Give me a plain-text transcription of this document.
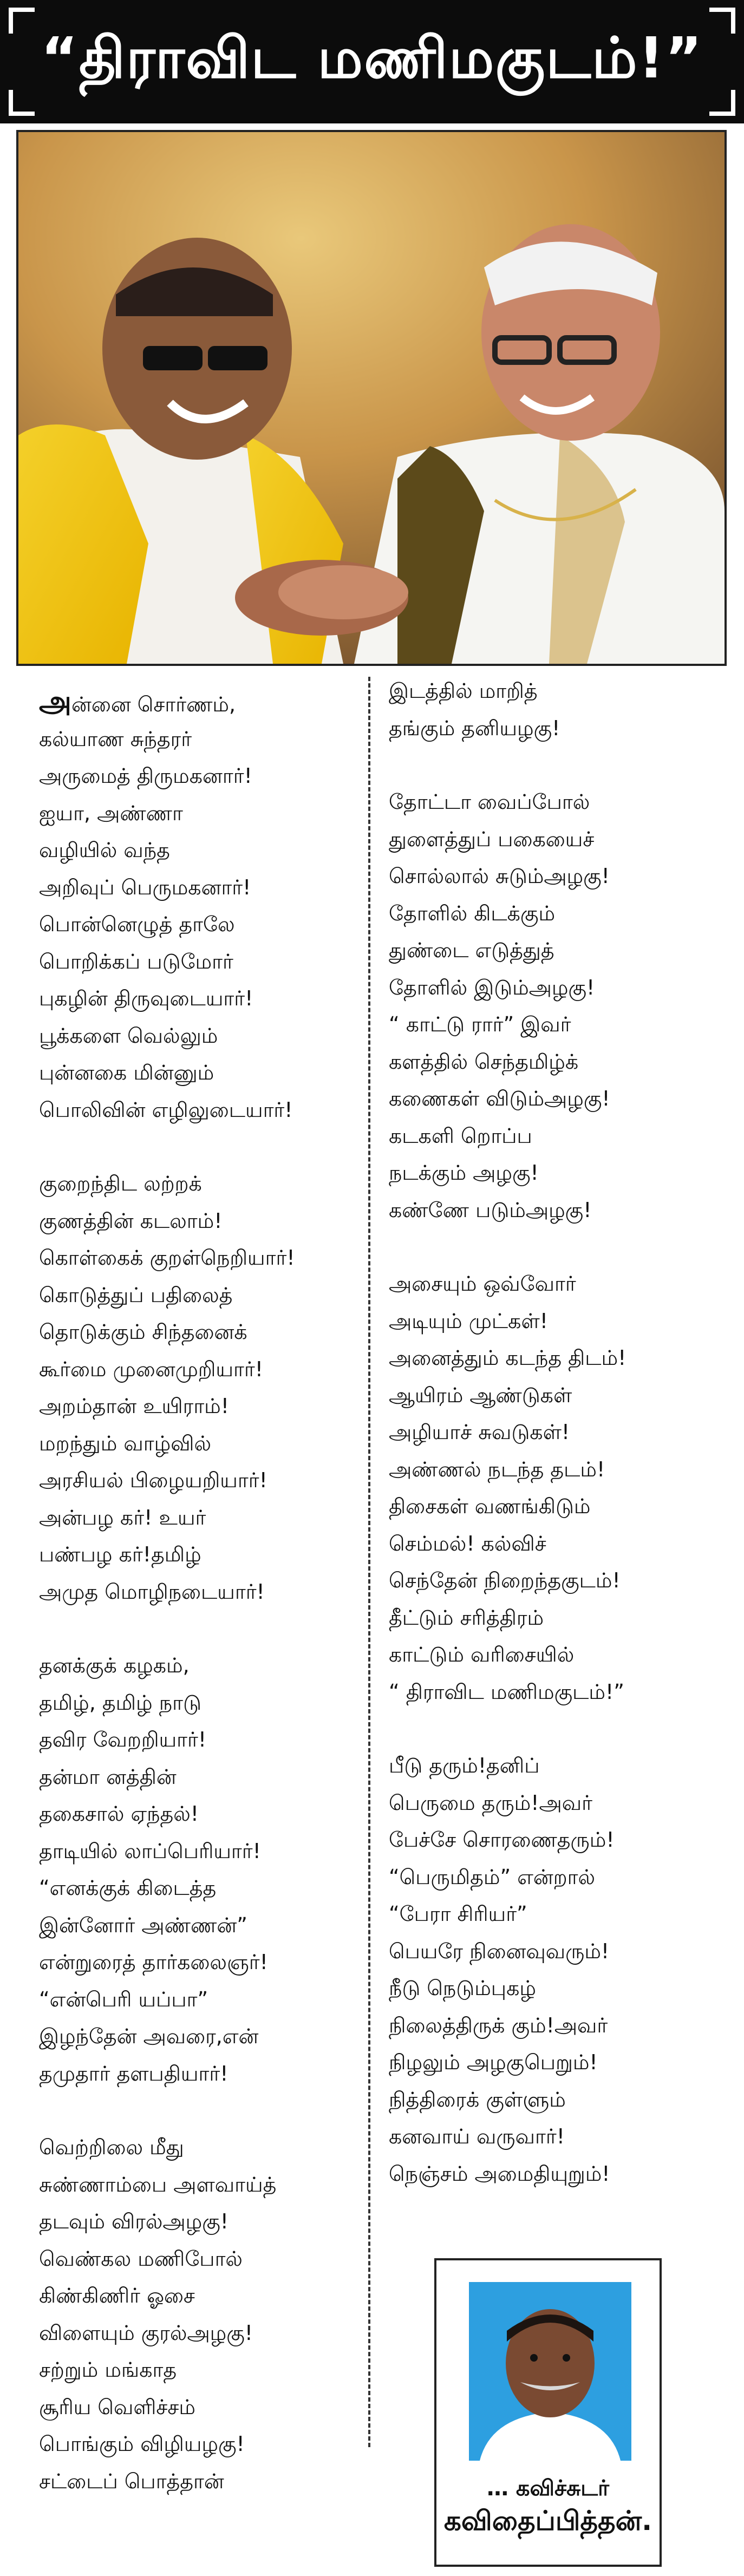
“திராவிட மணிமகுடம்!”
அன்னை சொர்ணம்,
கல்யாண சுந்தரர்
அருமைத் திருமகனார்!
ஐயா, அண்ணா
வழியில் வந்த
அறிவுப் பெருமகனார்!
பொன்னெழுத் தாலே
பொறிக்கப் படுமோர்
புகழின் திருவுடையார்!
பூக்களை வெல்லும்
புன்னகை மின்னும்
பொலிவின் எழிலுடையார்!
குறைந்திட லற்றக்
குணத்தின் கடலாம்!
கொள்கைக் குறள்நெறியார்!
கொடுத்துப் பதிலைத்
தொடுக்கும் சிந்தனைக்
கூர்மை முனைமுறியார்!
அறம்தான் உயிராம்!
மறந்தும் வாழ்வில்
அரசியல் பிழையறியார்!
அன்பழ கர்! உயர்
பண்பழ கர்!தமிழ்
அமுத மொழிநடையார்!
தனக்குக் கழகம்,
தமிழ், தமிழ் நாடு
தவிர வேறறியார்!
தன்மா னத்தின்
தகைசால் ஏந்தல்!
தாடியில் லாப்பெரியார்!
“எனக்குக் கிடைத்த
இன்னோர் அண்ணன்”
என்றுரைத் தார்கலைஞர்!
“என்பெரி யப்பா”
இழந்தேன் அவரை,என்
தமுதார் தளபதியார்!
வெற்றிலை மீது
சுண்ணாம்பை அளவாய்த்
தடவும் விரல்அழகு!
வெண்கல மணிபோல்
கிண்கிணிர் ஓசை
விளையும் குரல்அழகு!
சற்றும் மங்காத
சூரிய வெளிச்சம்
பொங்கும் விழியழகு!
சட்டைப் பொத்தான்
இடத்தில் மாறித்
தங்கும் தனியழகு!
தோட்டா வைப்போல்
துளைத்துப் பகையைச்
சொல்லால் சுடும்அழகு!
தோளில் கிடக்கும்
துண்டை எடுத்துத்
தோளில் இடும்அழகு!
“ காட்டு ரார்” இவர்
களத்தில் செந்தமிழ்க்
கணைகள் விடும்அழகு!
கடகளி றொப்ப
நடக்கும் அழகு!
கண்ணே படும்அழகு!
அசையும் ஒவ்வோர்
அடியும் முட்கள்!
அனைத்தும் கடந்த திடம்!
ஆயிரம் ஆண்டுகள்
அழியாச் சுவடுகள்!
அண்ணல் நடந்த தடம்!
திசைகள் வணங்கிடும்
செம்மல்! கல்விச்
செந்தேன் நிறைந்தகுடம்!
தீட்டும் சரித்திரம்
காட்டும் வரிசையில்
“ திராவிட மணிமகுடம்!”
பீடு தரும்!தனிப்
பெருமை தரும்!அவர்
பேச்சே சொரணைதரும்!
“பெருமிதம்” என்றால்
“பேரா சிரியர்”
பெயரே நினைவுவரும்!
நீடு நெடும்புகழ்
நிலைத்திருக் கும்!அவர்
நிழலும் அழகுபெறும்!
நித்திரைக் குள்ளும்
கனவாய் வருவார்!
நெஞ்சம் அமைதியுறும்!
… கவிச்சுடர்
கவிதைப்பித்தன்.
